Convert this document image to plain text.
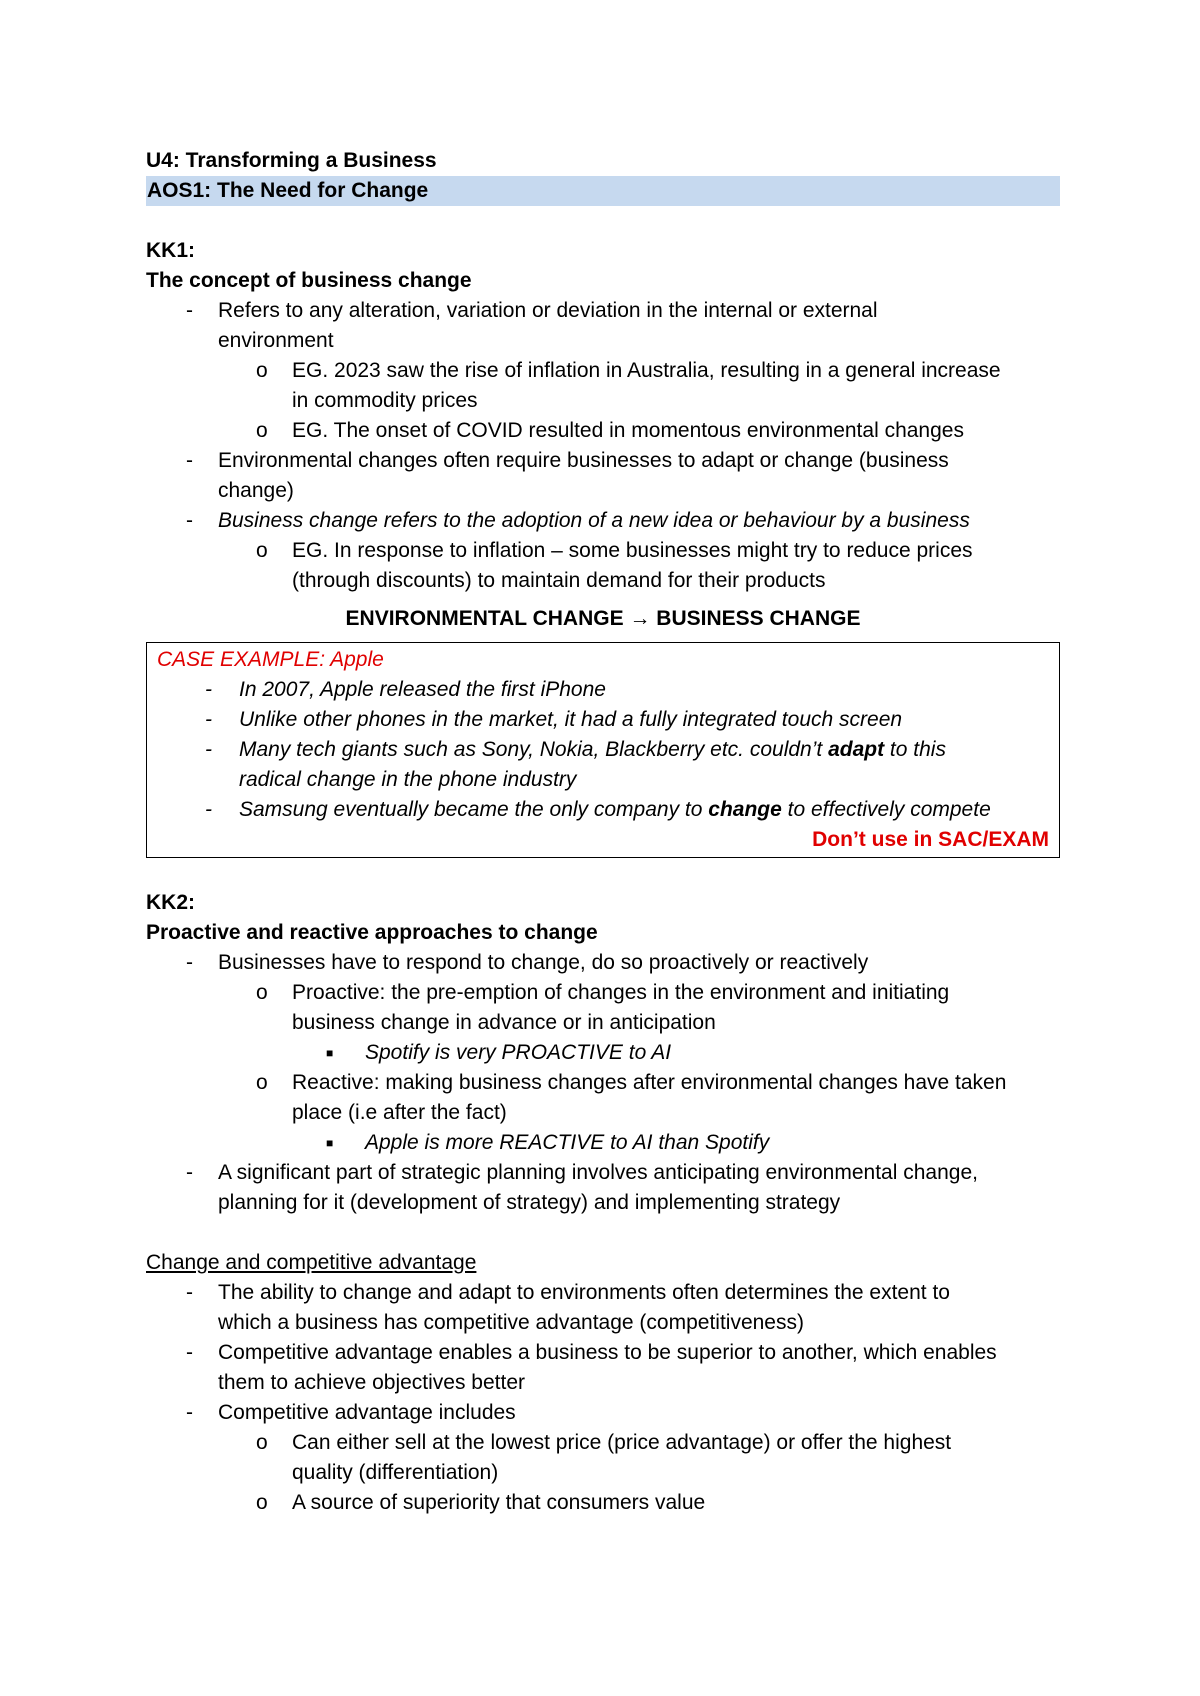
U4: Transforming a Business
AOS1: The Need for Change
KK1:
The concept of business change
- Refers to any alteration, variation or deviation in the internal or external
environment
o EG. 2023 saw the rise of inflation in Australia, resulting in a general increase
in commodity prices
o EG. The onset of COVID resulted in momentous environmental changes
- Environmental changes often require businesses to adapt or change (business
change)
- Business change refers to the adoption of a new idea or behaviour by a business
o EG. In response to inflation – some businesses might try to reduce prices
(through discounts) to maintain demand for their products
ENVIRONMENTAL CHANGE → BUSINESS CHANGE
CASE EXAMPLE: Apple
- In 2007, Apple released the first iPhone
- Unlike other phones in the market, it had a fully integrated touch screen
- Many tech giants such as Sony, Nokia, Blackberry etc. couldn’t adapt to this
radical change in the phone industry
- Samsung eventually became the only company to change to effectively compete
Don’t use in SAC/EXAM
KK2:
Proactive and reactive approaches to change
- Businesses have to respond to change, do so proactively or reactively
o Proactive: the pre-emption of changes in the environment and initiating
business change in advance or in anticipation
■ Spotify is very PROACTIVE to AI
o Reactive: making business changes after environmental changes have taken
place (i.e after the fact)
■ Apple is more REACTIVE to AI than Spotify
- A significant part of strategic planning involves anticipating environmental change,
planning for it (development of strategy) and implementing strategy
Change and competitive advantage
- The ability to change and adapt to environments often determines the extent to
which a business has competitive advantage (competitiveness)
- Competitive advantage enables a business to be superior to another, which enables
them to achieve objectives better
- Competitive advantage includes
o Can either sell at the lowest price (price advantage) or offer the highest
quality (differentiation)
o A source of superiority that consumers value
